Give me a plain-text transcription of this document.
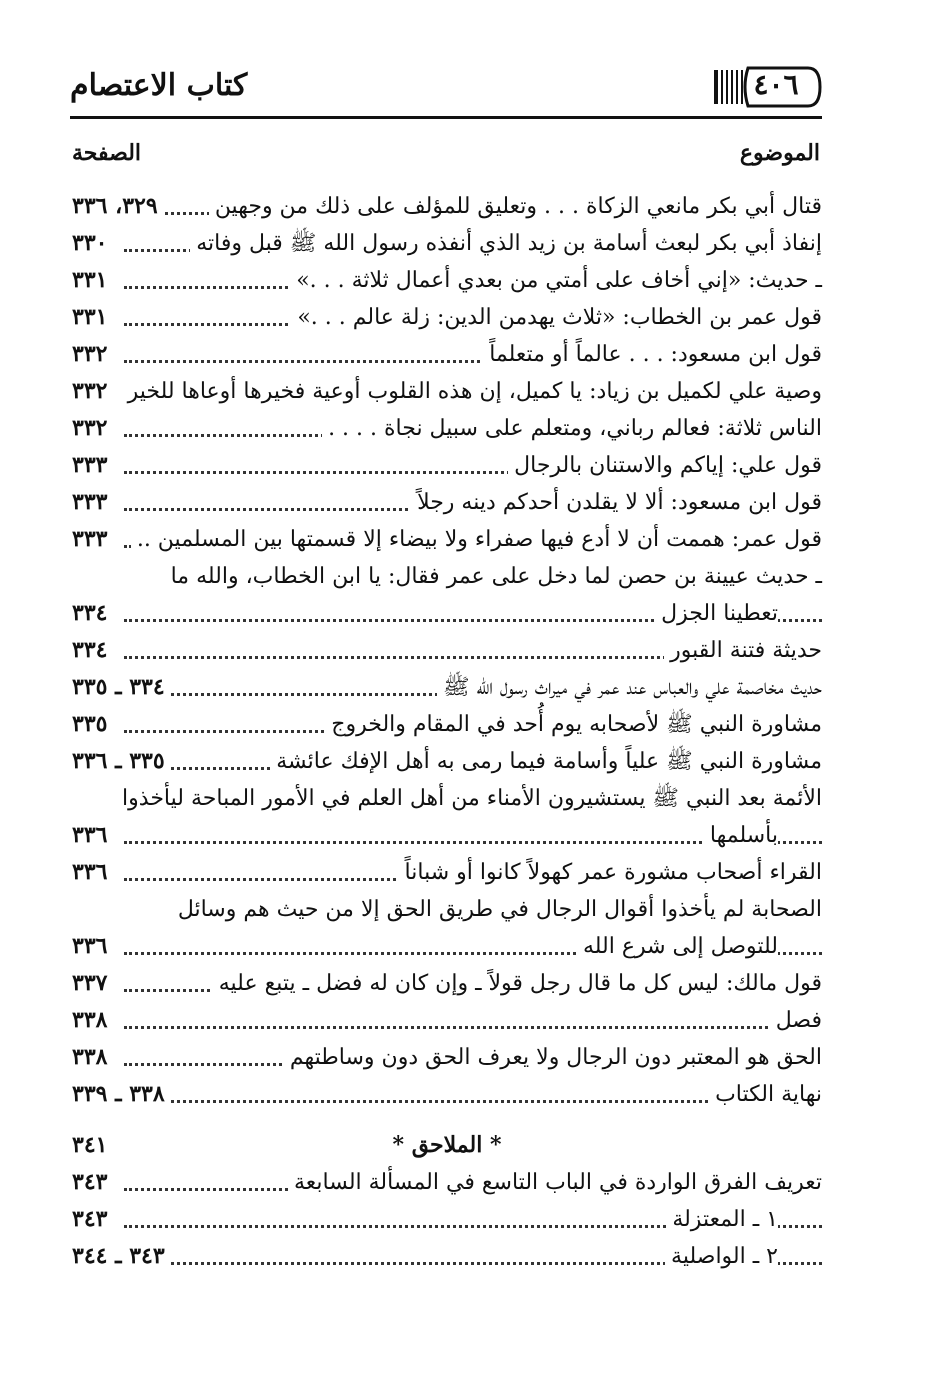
كتاب الاعتصام	٤٠٦
الموضوع
الصفحة
قتال أبي بكر مانعي الزكاة . . . وتعليق للمؤلف على ذلك من وجهين
٣٢٩، ٣٣٦
إنفاذ أبي بكر لبعث أسامة بن زيد الذي أنفذه رسول الله ﷺ قبل وفاته
٣٣٠
ـ حديث: «إني أخاف على أمتي من بعدي أعمال ثلاثة . . .»
٣٣١
قول عمر بن الخطاب: «ثلاث يهدمن الدين: زلة عالم . . .»
٣٣١
قول ابن مسعود: . . . عالماً أو متعلماً
٣٣٢
وصية علي لكميل بن زياد: يا كميل، إن هذه القلوب أوعية فخيرها أوعاها للخير
٣٣٢
الناس ثلاثة: فعالم رباني، ومتعلم على سبيل نجاة . . . .
٣٣٢
قول علي: إياكم والاستنان بالرجال
٣٣٣
قول ابن مسعود: ألا لا يقلدن أحدكم دينه رجلاً
٣٣٣
قول عمر: هممت أن لا أدع فيها صفراء ولا بيضاء إلا قسمتها بين المسلمين ..
٣٣٣
ـ حديث عيينة بن حصن لما دخل على عمر فقال: يا ابن الخطاب، والله ما
تعطينا الجزل
٣٣٤
حديثة فتنة القبور
٣٣٤
حديث مخاصمة علي والعباس عند عمر في ميراث رسول الله ﷺ
٣٣٤ ـ ٣٣٥
مشاورة النبي ﷺ لأصحابه يوم أُحد في المقام والخروج
٣٣٥
مشاورة النبي ﷺ علياً وأسامة فيما رمى به أهل الإفك عائشة
٣٣٥ ـ ٣٣٦
الأئمة بعد النبي ﷺ يستشيرون الأمناء من أهل العلم في الأمور المباحة ليأخذوا
بأسلمها
٣٣٦
القراء أصحاب مشورة عمر كهولاً كانوا أو شباناً
٣٣٦
الصحابة لم يأخذوا أقوال الرجال في طريق الحق إلا من حيث هم وسائل
للتوصل إلى شرع الله
٣٣٦
قول مالك: ليس كل ما قال رجل قولاً ـ وإن كان له فضل ـ يتبع عليه
٣٣٧
فصل
٣٣٨
الحق هو المعتبر دون الرجال ولا يعرف الحق دون وساطتهم
٣٣٨
نهاية الكتاب
٣٣٨ ـ ٣٣٩
* الملاحق *
٣٤١
تعريف الفرق الواردة في الباب التاسع في المسألة السابعة
٣٤٣
١ ـ المعتزلة
٣٤٣
٢ ـ الواصلية
٣٤٣ ـ ٣٤٤
